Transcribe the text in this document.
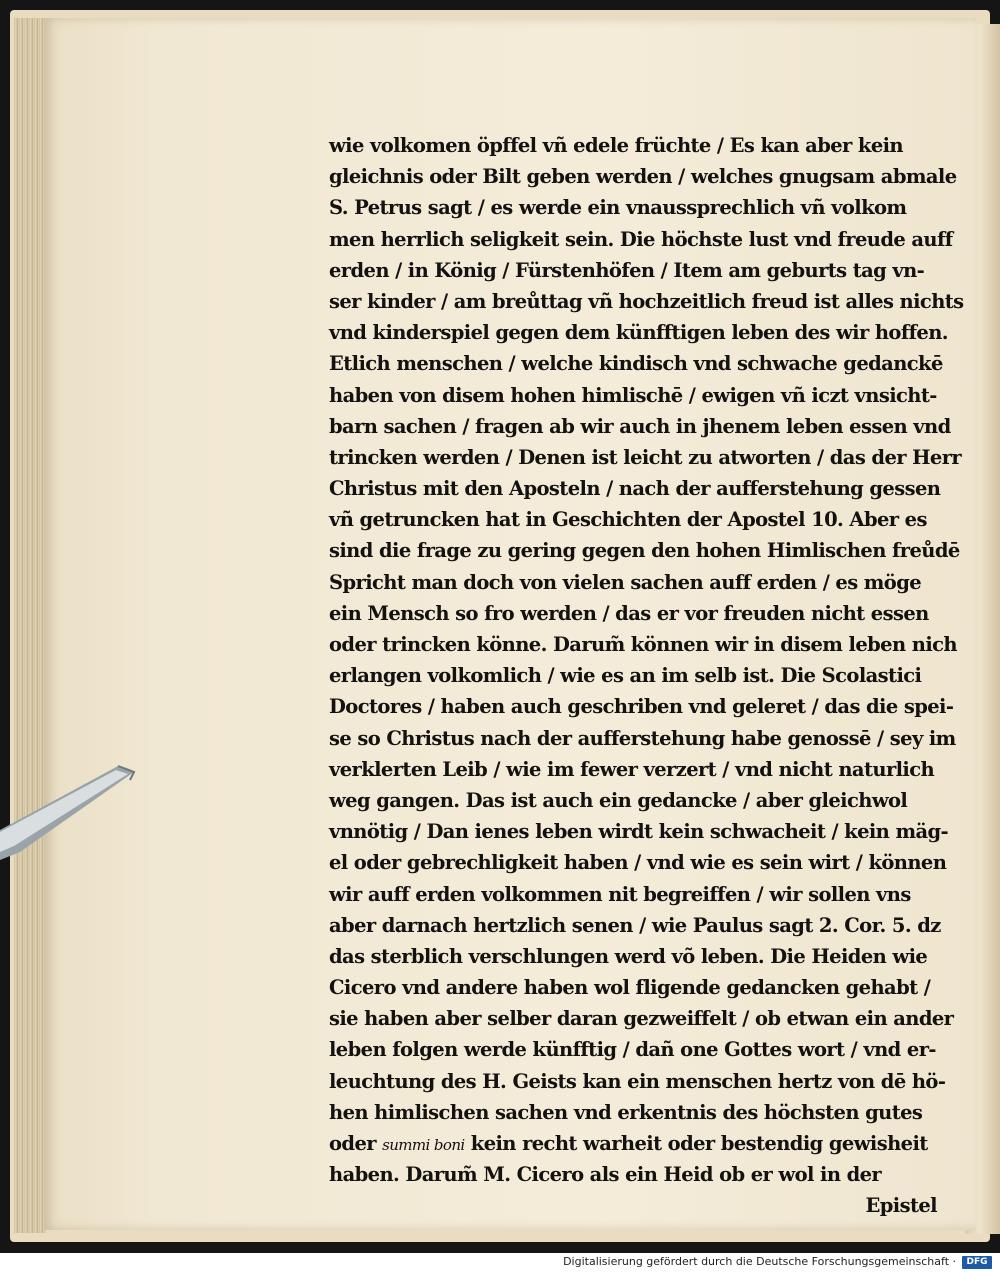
wie volkomen öpffel vñ edele früchte / Es kan aber kein
gleichnis oder Bilt geben werden / welches gnugsam abmale
S. Petrus sagt / es werde ein vnaussprechlich vñ volkom
men herrlich seligkeit sein. Die höchste lust vnd freude auff
erden / in König / Fürstenhöfen / Item am geburts tag vn-
ser kinder / am breůttag vñ hochzeitlich freud ist alles nichts
vnd kinderspiel gegen dem künfftigen leben des wir hoffen.
Etlich menschen / welche kindisch vnd schwache gedanckē
haben von disem hohen himlischē / ewigen vñ iczt vnsicht-
barn sachen / fragen ab wir auch in jhenem leben essen vnd
trincken werden / Denen ist leicht zu atworten / das der Herr
Christus mit den Aposteln / nach der aufferstehung gessen
vñ getruncken hat in Geschichten der Apostel 10. Aber es
sind die frage zu gering gegen den hohen Himlischen freůdē
Spricht man doch von vielen sachen auff erden / es möge
ein Mensch so fro werden / das er vor freuden nicht essen
oder trincken könne. Darum̃ können wir in disem leben nich
erlangen volkomlich / wie es an im selb ist. Die Scolastici
Doctores / haben auch geschriben vnd geleret / das die spei-
se so Christus nach der aufferstehung habe genossē / sey im
verklerten Leib / wie im fewer verzert / vnd nicht naturlich
weg gangen. Das ist auch ein gedancke / aber gleichwol
vnnötig / Dan ienes leben wirdt kein schwacheit / kein mäg-
el oder gebrechligkeit haben / vnd wie es sein wirt / können
wir auff erden volkommen nit begreiffen / wir sollen vns
aber darnach hertzlich senen / wie Paulus sagt 2. Cor. 5. dz
das sterblich verschlungen werd võ leben. Die Heiden wie
Cicero vnd andere haben wol fligende gedancken gehabt /
sie haben aber selber daran gezweiffelt / ob etwan ein ander
leben folgen werde künfftig / dañ one Gottes wort / vnd er-
leuchtung des H. Geists kan ein menschen hertz von dē hö-
hen himlischen sachen vnd erkentnis des höchsten gutes
oder summi boni kein recht warheit oder bestendig gewisheit
haben. Darum̃ M. Cicero als ein Heid ob er wol in der
Epistel
Digitalisierung gefördert durch die Deutsche Forschungsgemeinschaft ·	DFG
